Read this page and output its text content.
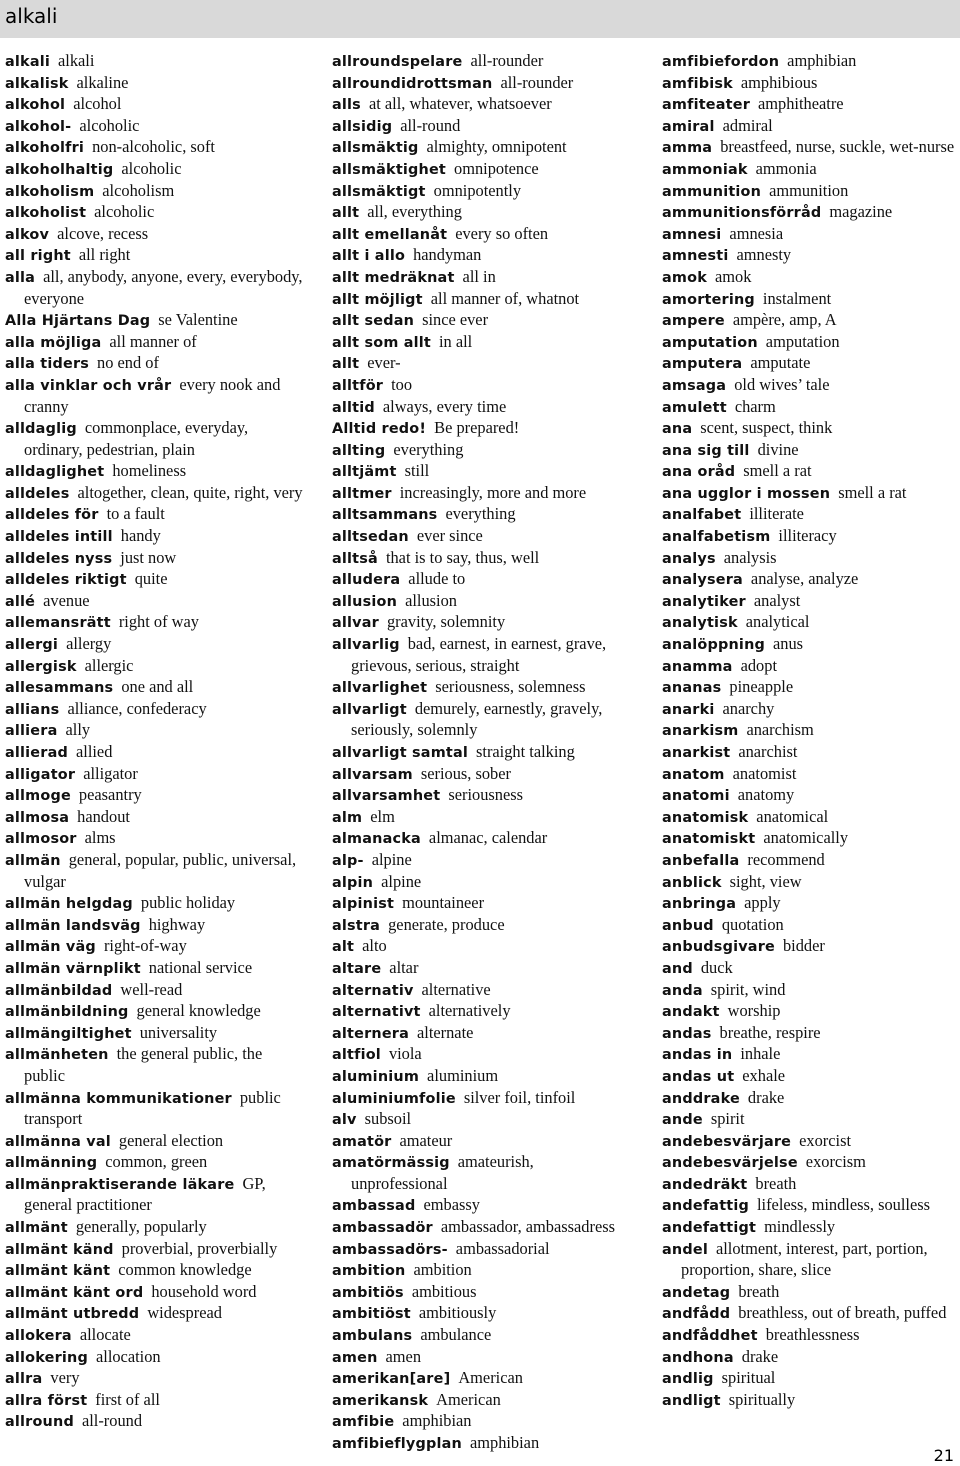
alkali

alkali alkali

alkalisk alkaline

alkohol alcohol

alkohol- alcoholic

alkoholfri non-alcoholic, soft

alkoholhaltig alcoholic

alkoholism alcoholism

alkoholist alcoholic

alkov alcove, recess

all right all right

alla all, anybody, anyone, every, everybody, everyone

Alla Hjärtans Dag se Valentine

alla möjliga all manner of

alla tiders no end of

alla vinklar och vrår every nook and cranny

alldaglig commonplace, everyday, ordinary, pedestrian, plain

alldaglighet homeliness

alldeles altogether, clean, quite, right, very

alldeles för to a fault

alldeles intill handy

alldeles nyss just now

alldeles riktigt quite

allé avenue

allemansrätt right of way

allergi allergy

allergisk allergic

allesammans one and all

allians alliance, confederacy

alliera ally

allierad allied

alligator alligator

allmoge peasantry

allmosa handout

allmosor alms

allmän general, popular, public, universal, vulgar

allmän helgdag public holiday

allmän landsväg highway

allmän väg right-of-way

allmän värnplikt national service

allmänbildad well-read

allmänbildning general knowledge

allmängiltighet universality

allmänheten the general public, the public

allmänna kommunikationer public transport

allmänna val general election

allmänning common, green

allmänpraktiserande läkare GP, general practitioner

allmänt generally, popularly

allmänt känd proverbial, proverbially

allmänt känt common knowledge

allmänt känt ord household word

allmänt utbredd widespread

allokera allocate

allokering allocation

allra very

allra först first of all

allround all-round

allroundspelare all-rounder

allroundidrottsman all-rounder

alls at all, whatever, whatsoever

allsidig all-round

allsmäktig almighty, omnipotent

allsmäktighet omnipotence

allsmäktigt omnipotently

allt all, everything

allt emellanåt every so often

allt i allo handyman

allt medräknat all in

allt möjligt all manner of, whatnot

allt sedan since ever

allt som allt in all

allt ever-

alltför too

alltid always, every time

Alltid redo! Be prepared!

allting everything

alltjämt still

alltmer increasingly, more and more

alltsammans everything

alltsedan ever since

alltså that is to say, thus, well

alludera allude to

allusion allusion

allvar gravity, solemnity

allvarlig bad, earnest, in earnest, grave, grievous, serious, straight

allvarlighet seriousness, solemness

allvarligt demurely, earnestly, gravely, seriously, solemnly

allvarligt samtal straight talking

allvarsam serious, sober

allvarsamhet seriousness

alm elm

almanacka almanac, calendar

alp- alpine

alpin alpine

alpinist mountaineer

alstra generate, produce

alt alto

altare altar

alternativ alternative

alternativt alternatively

alternera alternate

altfiol viola

aluminium aluminium

aluminiumfolie silver foil, tinfoil

alv subsoil

amatör amateur

amatörmässig amateurish, unprofessional

ambassad embassy

ambassadör ambassador, ambassadress

ambassadörs- ambassadorial

ambition ambition

ambitiös ambitious

ambitiöst ambitiously

ambulans ambulance

amen amen

amerikan[are] American

amerikansk American

amfibie amphibian

amfibieflygplan amphibian

amfibiefordon amphibian

amfibisk amphibious

amfiteater amphitheatre

amiral admiral

amma breastfeed, nurse, suckle, wet-nurse

ammoniak ammonia

ammunition ammunition

ammunitionsförråd magazine

amnesi amnesia

amnesti amnesty

amok amok

amortering instalment

ampere ampère, amp, A

amputation amputation

amputera amputate

amsaga old wives’ tale

amulett charm

ana scent, suspect, think

ana sig till divine

ana oråd smell a rat

ana ugglor i mossen smell a rat

analfabet illiterate

analfabetism illiteracy

analys analysis

analysera analyse, analyze

analytiker analyst

analytisk analytical

analöppning anus

anamma adopt

ananas pineapple

anarki anarchy

anarkism anarchism

anarkist anarchist

anatom anatomist

anatomi anatomy

anatomisk anatomical

anatomiskt anatomically

anbefalla recommend

anblick sight, view

anbringa apply

anbud quotation

anbudsgivare bidder

and duck

anda spirit, wind

andakt worship

andas breathe, respire

andas in inhale

andas ut exhale

anddrake drake

ande spirit

andebesvärjare exorcist

andebesvärjelse exorcism

andedräkt breath

andefattig lifeless, mindless, soulless

andefattigt mindlessly

andel allotment, interest, part, portion, proportion, share, slice

andetag breath

andfådd breathless, out of breath, puffed

andfåddhet breathlessness

andhona drake

andlig spiritual

andligt spiritually

21
